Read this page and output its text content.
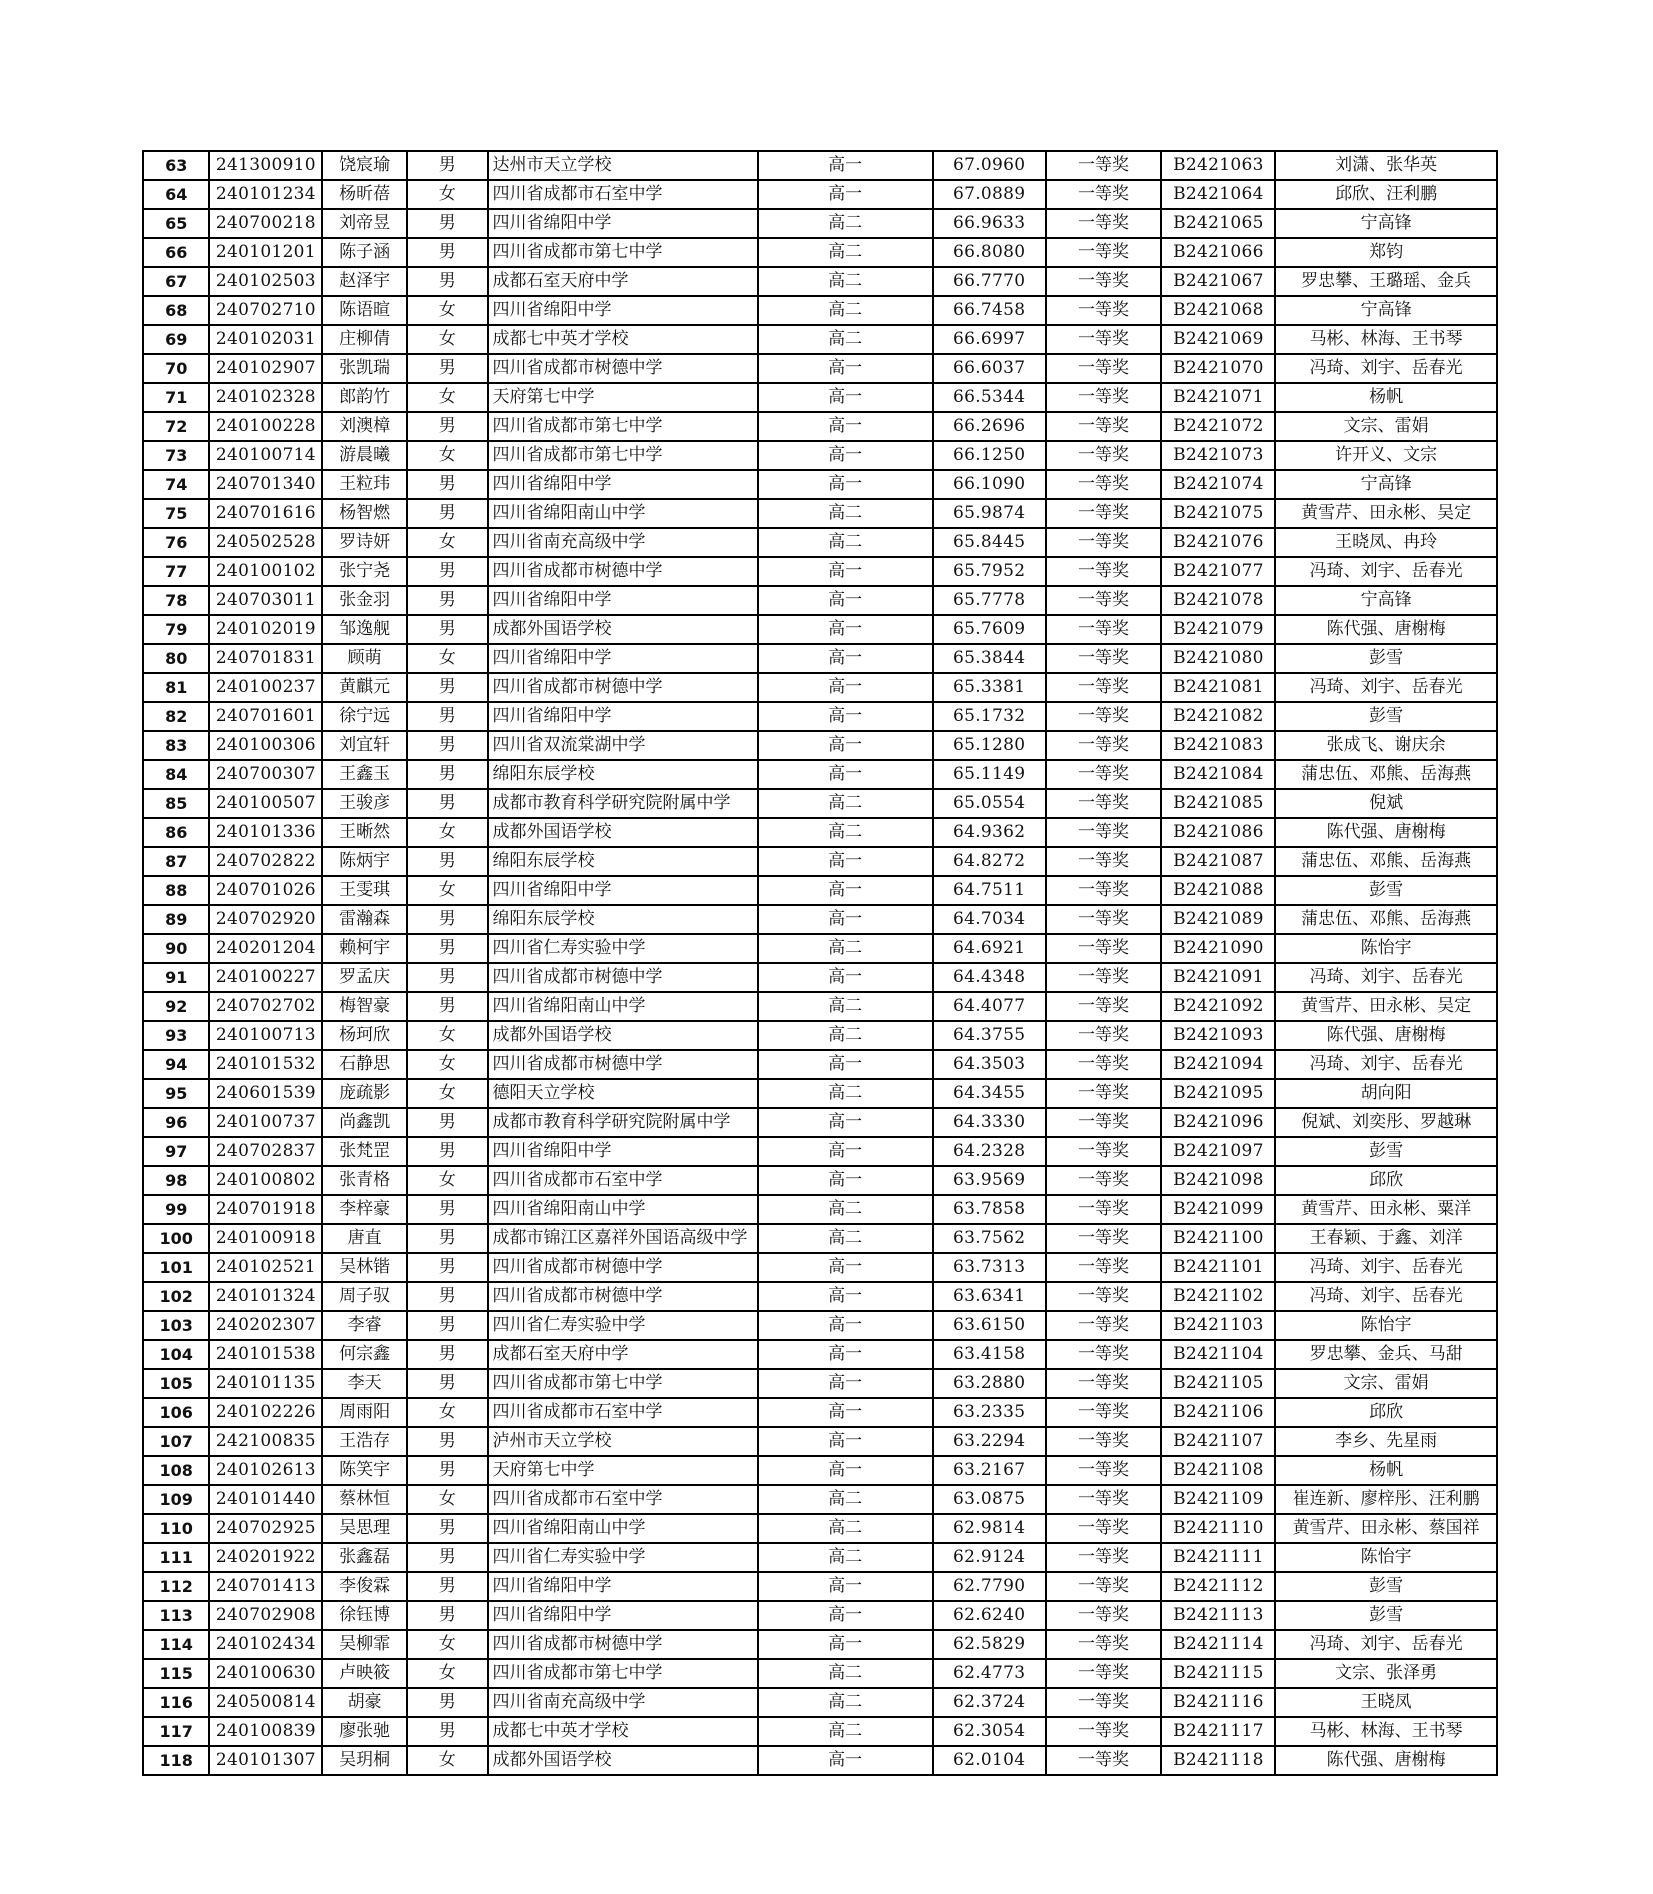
63	241300910	饶宸瑜	男	达州市天立学校	高一	67.0960	一等奖	B2421063	刘潇、张华英
64	240101234	杨昕蓓	女	四川省成都市石室中学	高一	67.0889	一等奖	B2421064	邱欣、汪利鹏
65	240700218	刘帝昱	男	四川省绵阳中学	高二	66.9633	一等奖	B2421065	宁高锋
66	240101201	陈子涵	男	四川省成都市第七中学	高二	66.8080	一等奖	B2421066	郑钧
67	240102503	赵泽宇	男	成都石室天府中学	高二	66.7770	一等奖	B2421067	罗忠攀、王璐瑶、金兵
68	240702710	陈语暄	女	四川省绵阳中学	高二	66.7458	一等奖	B2421068	宁高锋
69	240102031	庄柳倩	女	成都七中英才学校	高二	66.6997	一等奖	B2421069	马彬、林海、王书琴
70	240102907	张凯瑞	男	四川省成都市树德中学	高一	66.6037	一等奖	B2421070	冯琦、刘宇、岳春光
71	240102328	郎韵竹	女	天府第七中学	高一	66.5344	一等奖	B2421071	杨帆
72	240100228	刘澳樟	男	四川省成都市第七中学	高一	66.2696	一等奖	B2421072	文宗、雷娟
73	240100714	游晨曦	女	四川省成都市第七中学	高一	66.1250	一等奖	B2421073	许开义、文宗
74	240701340	王粒玮	男	四川省绵阳中学	高一	66.1090	一等奖	B2421074	宁高锋
75	240701616	杨智燃	男	四川省绵阳南山中学	高二	65.9874	一等奖	B2421075	黄雪芹、田永彬、吴定
76	240502528	罗诗妍	女	四川省南充高级中学	高二	65.8445	一等奖	B2421076	王晓凤、冉玲
77	240100102	张宁尧	男	四川省成都市树德中学	高一	65.7952	一等奖	B2421077	冯琦、刘宇、岳春光
78	240703011	张金羽	男	四川省绵阳中学	高一	65.7778	一等奖	B2421078	宁高锋
79	240102019	邹逸舰	男	成都外国语学校	高一	65.7609	一等奖	B2421079	陈代强、唐榭梅
80	240701831	顾萌	女	四川省绵阳中学	高一	65.3844	一等奖	B2421080	彭雪
81	240100237	黄麒元	男	四川省成都市树德中学	高一	65.3381	一等奖	B2421081	冯琦、刘宇、岳春光
82	240701601	徐宁远	男	四川省绵阳中学	高一	65.1732	一等奖	B2421082	彭雪
83	240100306	刘宜轩	男	四川省双流棠湖中学	高一	65.1280	一等奖	B2421083	张成飞、谢庆余
84	240700307	王鑫玉	男	绵阳东辰学校	高一	65.1149	一等奖	B2421084	蒲忠伍、邓熊、岳海燕
85	240100507	王骏彦	男	成都市教育科学研究院附属中学	高二	65.0554	一等奖	B2421085	倪斌
86	240101336	王晰然	女	成都外国语学校	高二	64.9362	一等奖	B2421086	陈代强、唐榭梅
87	240702822	陈炳宇	男	绵阳东辰学校	高一	64.8272	一等奖	B2421087	蒲忠伍、邓熊、岳海燕
88	240701026	王雯琪	女	四川省绵阳中学	高一	64.7511	一等奖	B2421088	彭雪
89	240702920	雷瀚森	男	绵阳东辰学校	高一	64.7034	一等奖	B2421089	蒲忠伍、邓熊、岳海燕
90	240201204	赖柯宇	男	四川省仁寿实验中学	高二	64.6921	一等奖	B2421090	陈怡宇
91	240100227	罗孟庆	男	四川省成都市树德中学	高一	64.4348	一等奖	B2421091	冯琦、刘宇、岳春光
92	240702702	梅智豪	男	四川省绵阳南山中学	高二	64.4077	一等奖	B2421092	黄雪芹、田永彬、吴定
93	240100713	杨珂欣	女	成都外国语学校	高二	64.3755	一等奖	B2421093	陈代强、唐榭梅
94	240101532	石静思	女	四川省成都市树德中学	高一	64.3503	一等奖	B2421094	冯琦、刘宇、岳春光
95	240601539	庞疏影	女	德阳天立学校	高二	64.3455	一等奖	B2421095	胡向阳
96	240100737	尚鑫凯	男	成都市教育科学研究院附属中学	高一	64.3330	一等奖	B2421096	倪斌、刘奕彤、罗越琳
97	240702837	张梵罡	男	四川省绵阳中学	高一	64.2328	一等奖	B2421097	彭雪
98	240100802	张青格	女	四川省成都市石室中学	高一	63.9569	一等奖	B2421098	邱欣
99	240701918	李梓豪	男	四川省绵阳南山中学	高二	63.7858	一等奖	B2421099	黄雪芹、田永彬、粟洋
100	240100918	唐直	男	成都市锦江区嘉祥外国语高级中学	高二	63.7562	一等奖	B2421100	王春颖、于鑫、刘洋
101	240102521	吴林锴	男	四川省成都市树德中学	高一	63.7313	一等奖	B2421101	冯琦、刘宇、岳春光
102	240101324	周子驭	男	四川省成都市树德中学	高一	63.6341	一等奖	B2421102	冯琦、刘宇、岳春光
103	240202307	李睿	男	四川省仁寿实验中学	高一	63.6150	一等奖	B2421103	陈怡宇
104	240101538	何宗鑫	男	成都石室天府中学	高一	63.4158	一等奖	B2421104	罗忠攀、金兵、马甜
105	240101135	李天	男	四川省成都市第七中学	高一	63.2880	一等奖	B2421105	文宗、雷娟
106	240102226	周雨阳	女	四川省成都市石室中学	高一	63.2335	一等奖	B2421106	邱欣
107	242100835	王浩存	男	泸州市天立学校	高一	63.2294	一等奖	B2421107	李乡、先星雨
108	240102613	陈笑宇	男	天府第七中学	高一	63.2167	一等奖	B2421108	杨帆
109	240101440	蔡林恒	女	四川省成都市石室中学	高二	63.0875	一等奖	B2421109	崔连新、廖梓彤、汪利鹏
110	240702925	吴思理	男	四川省绵阳南山中学	高二	62.9814	一等奖	B2421110	黄雪芹、田永彬、蔡国祥
111	240201922	张鑫磊	男	四川省仁寿实验中学	高二	62.9124	一等奖	B2421111	陈怡宇
112	240701413	李俊霖	男	四川省绵阳中学	高一	62.7790	一等奖	B2421112	彭雪
113	240702908	徐钰博	男	四川省绵阳中学	高一	62.6240	一等奖	B2421113	彭雪
114	240102434	吴柳霏	女	四川省成都市树德中学	高一	62.5829	一等奖	B2421114	冯琦、刘宇、岳春光
115	240100630	卢映筱	女	四川省成都市第七中学	高二	62.4773	一等奖	B2421115	文宗、张泽勇
116	240500814	胡豪	男	四川省南充高级中学	高二	62.3724	一等奖	B2421116	王晓凤
117	240100839	廖张驰	男	成都七中英才学校	高二	62.3054	一等奖	B2421117	马彬、林海、王书琴
118	240101307	吴玥桐	女	成都外国语学校	高一	62.0104	一等奖	B2421118	陈代强、唐榭梅
